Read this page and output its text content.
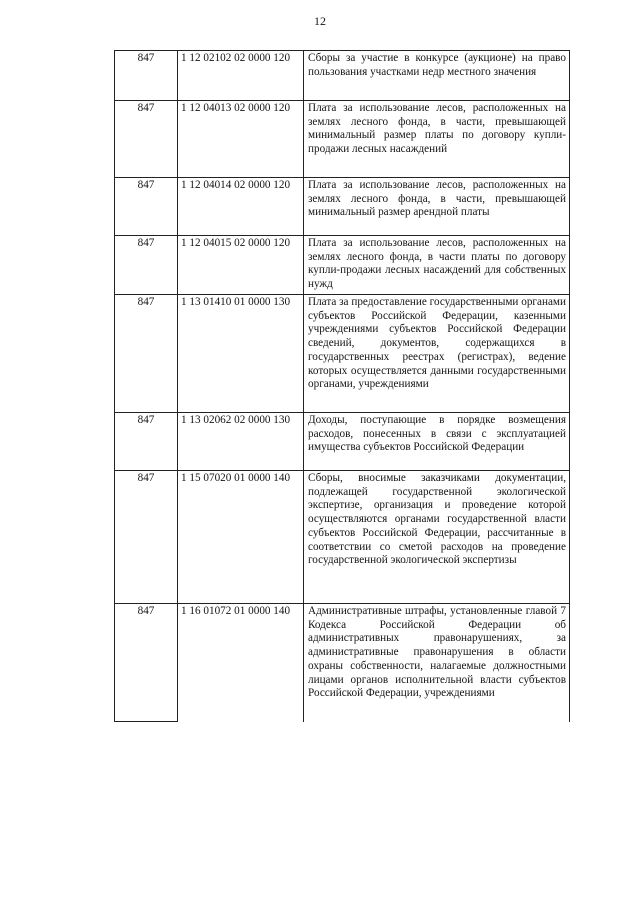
12
847	1 12 02102 02 0000 120	Сборы за участие в конкурсе (аукционе) на право пользования участками недр местного значения
847	1 12 04013 02 0000 120	Плата за использование лесов, расположенных на землях лесного фонда, в части, превышающей минимальный размер платы по договору купли-продажи лесных насаждений
847	1 12 04014 02 0000 120	Плата за использование лесов, расположенных на землях лесного фонда, в части, превышающей минимальный размер арендной платы
847	1 12 04015 02 0000 120	Плата за использование лесов, расположенных на землях лесного фонда, в части платы по договору купли-продажи лесных насаждений для собственных нужд
847	1 13 01410 01 0000 130	Плата за предоставление государственными органами субъектов Российской Федерации, казенными учреждениями субъектов Российской Федерации сведений, документов, содержащихся в государственных реестрах (регистрах), ведение которых осуществляется данными государственными органами, учреждениями
847	1 13 02062 02 0000 130	Доходы, поступающие в порядке возмещения расходов, понесенных в связи с эксплуатацией имущества субъектов Российской Федерации
847	1 15 07020 01 0000 140	Сборы, вносимые заказчиками документации, подлежащей государственной экологической экспертизе, организация и проведение которой осуществляются органами государственной власти субъектов Российской Федерации, рассчитанные в соответствии со сметой расходов на проведение государственной экологической экспертизы
847	1 16 01072 01 0000 140	Административные штрафы, установленные главой 7 Кодекса Российской Федерации об административных правонарушениях, за административные правонарушения в области охраны собственности, налагаемые должностными лицами органов исполнительной власти субъектов Российской Федерации, учреждениями
